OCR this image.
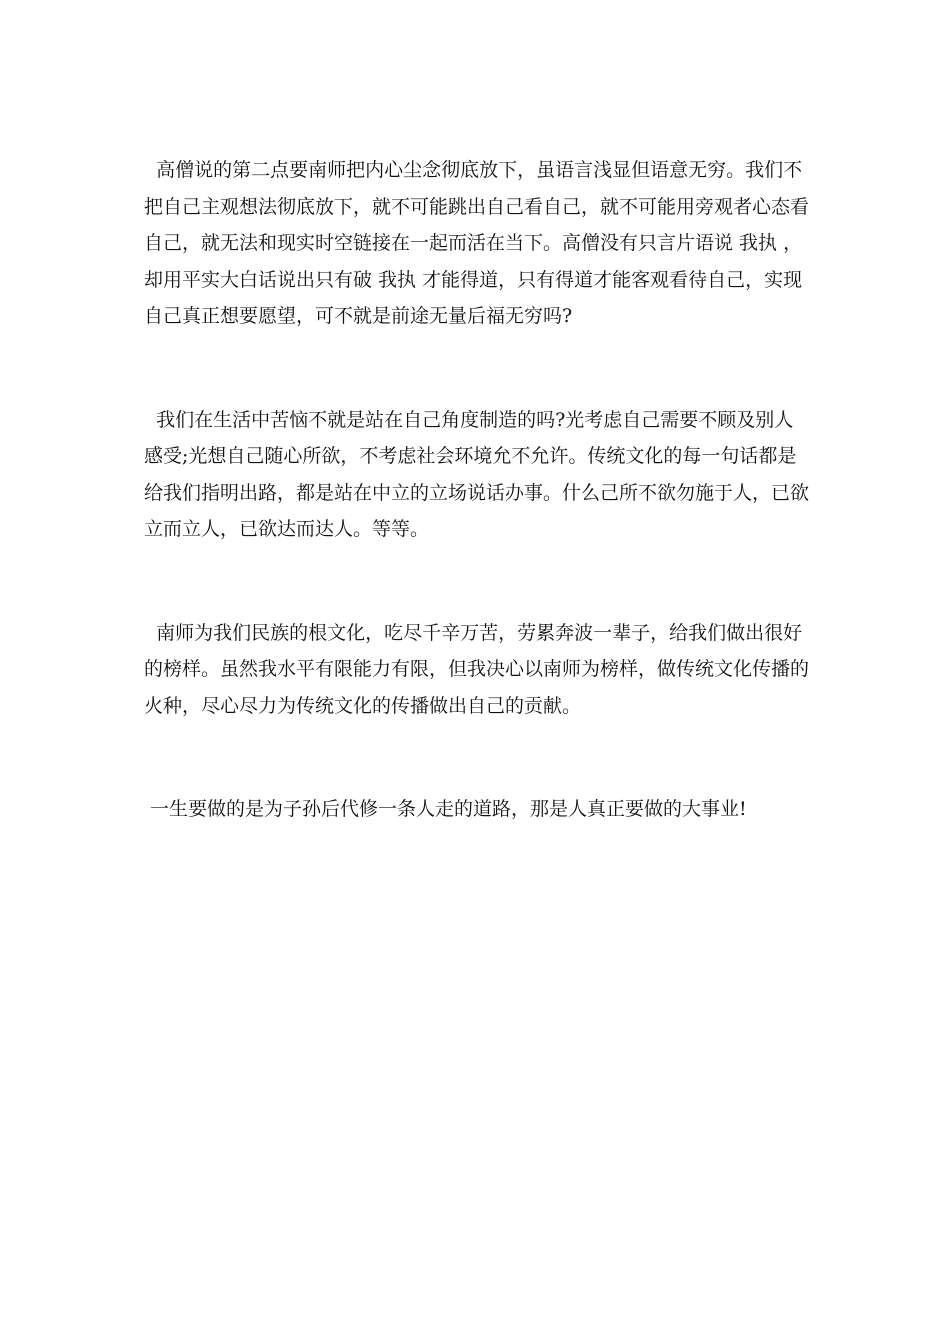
高僧说的第二点要南师把内心尘念彻底放下，虽语言浅显但语意无穷。我们不把自己主观想法彻底放下，就不可能跳出自己看自己，就不可能用旁观者心态看自己，就无法和现实时空链接在一起而活在当下。高僧没有只言片语说 我执 ，却用平实大白话说出只有破 我执 才能得道，只有得道才能客观看待自己，实现自己真正想要愿望，可不就是前途无量后福无穷吗?

我们在生活中苦恼不就是站在自己角度制造的吗?光考虑自己需要不顾及别人感受;光想自己随心所欲，不考虑社会环境允不允许。传统文化的每一句话都是给我们指明出路，都是站在中立的立场说话办事。什么己所不欲勿施于人，已欲立而立人，已欲达而达人。等等。

南师为我们民族的根文化，吃尽千辛万苦，劳累奔波一辈子，给我们做出很好的榜样。虽然我水平有限能力有限，但我决心以南师为榜样，做传统文化传播的火种，尽心尽力为传统文化的传播做出自己的贡献。

一生要做的是为子孙后代修一条人走的道路，那是人真正要做的大事业!
